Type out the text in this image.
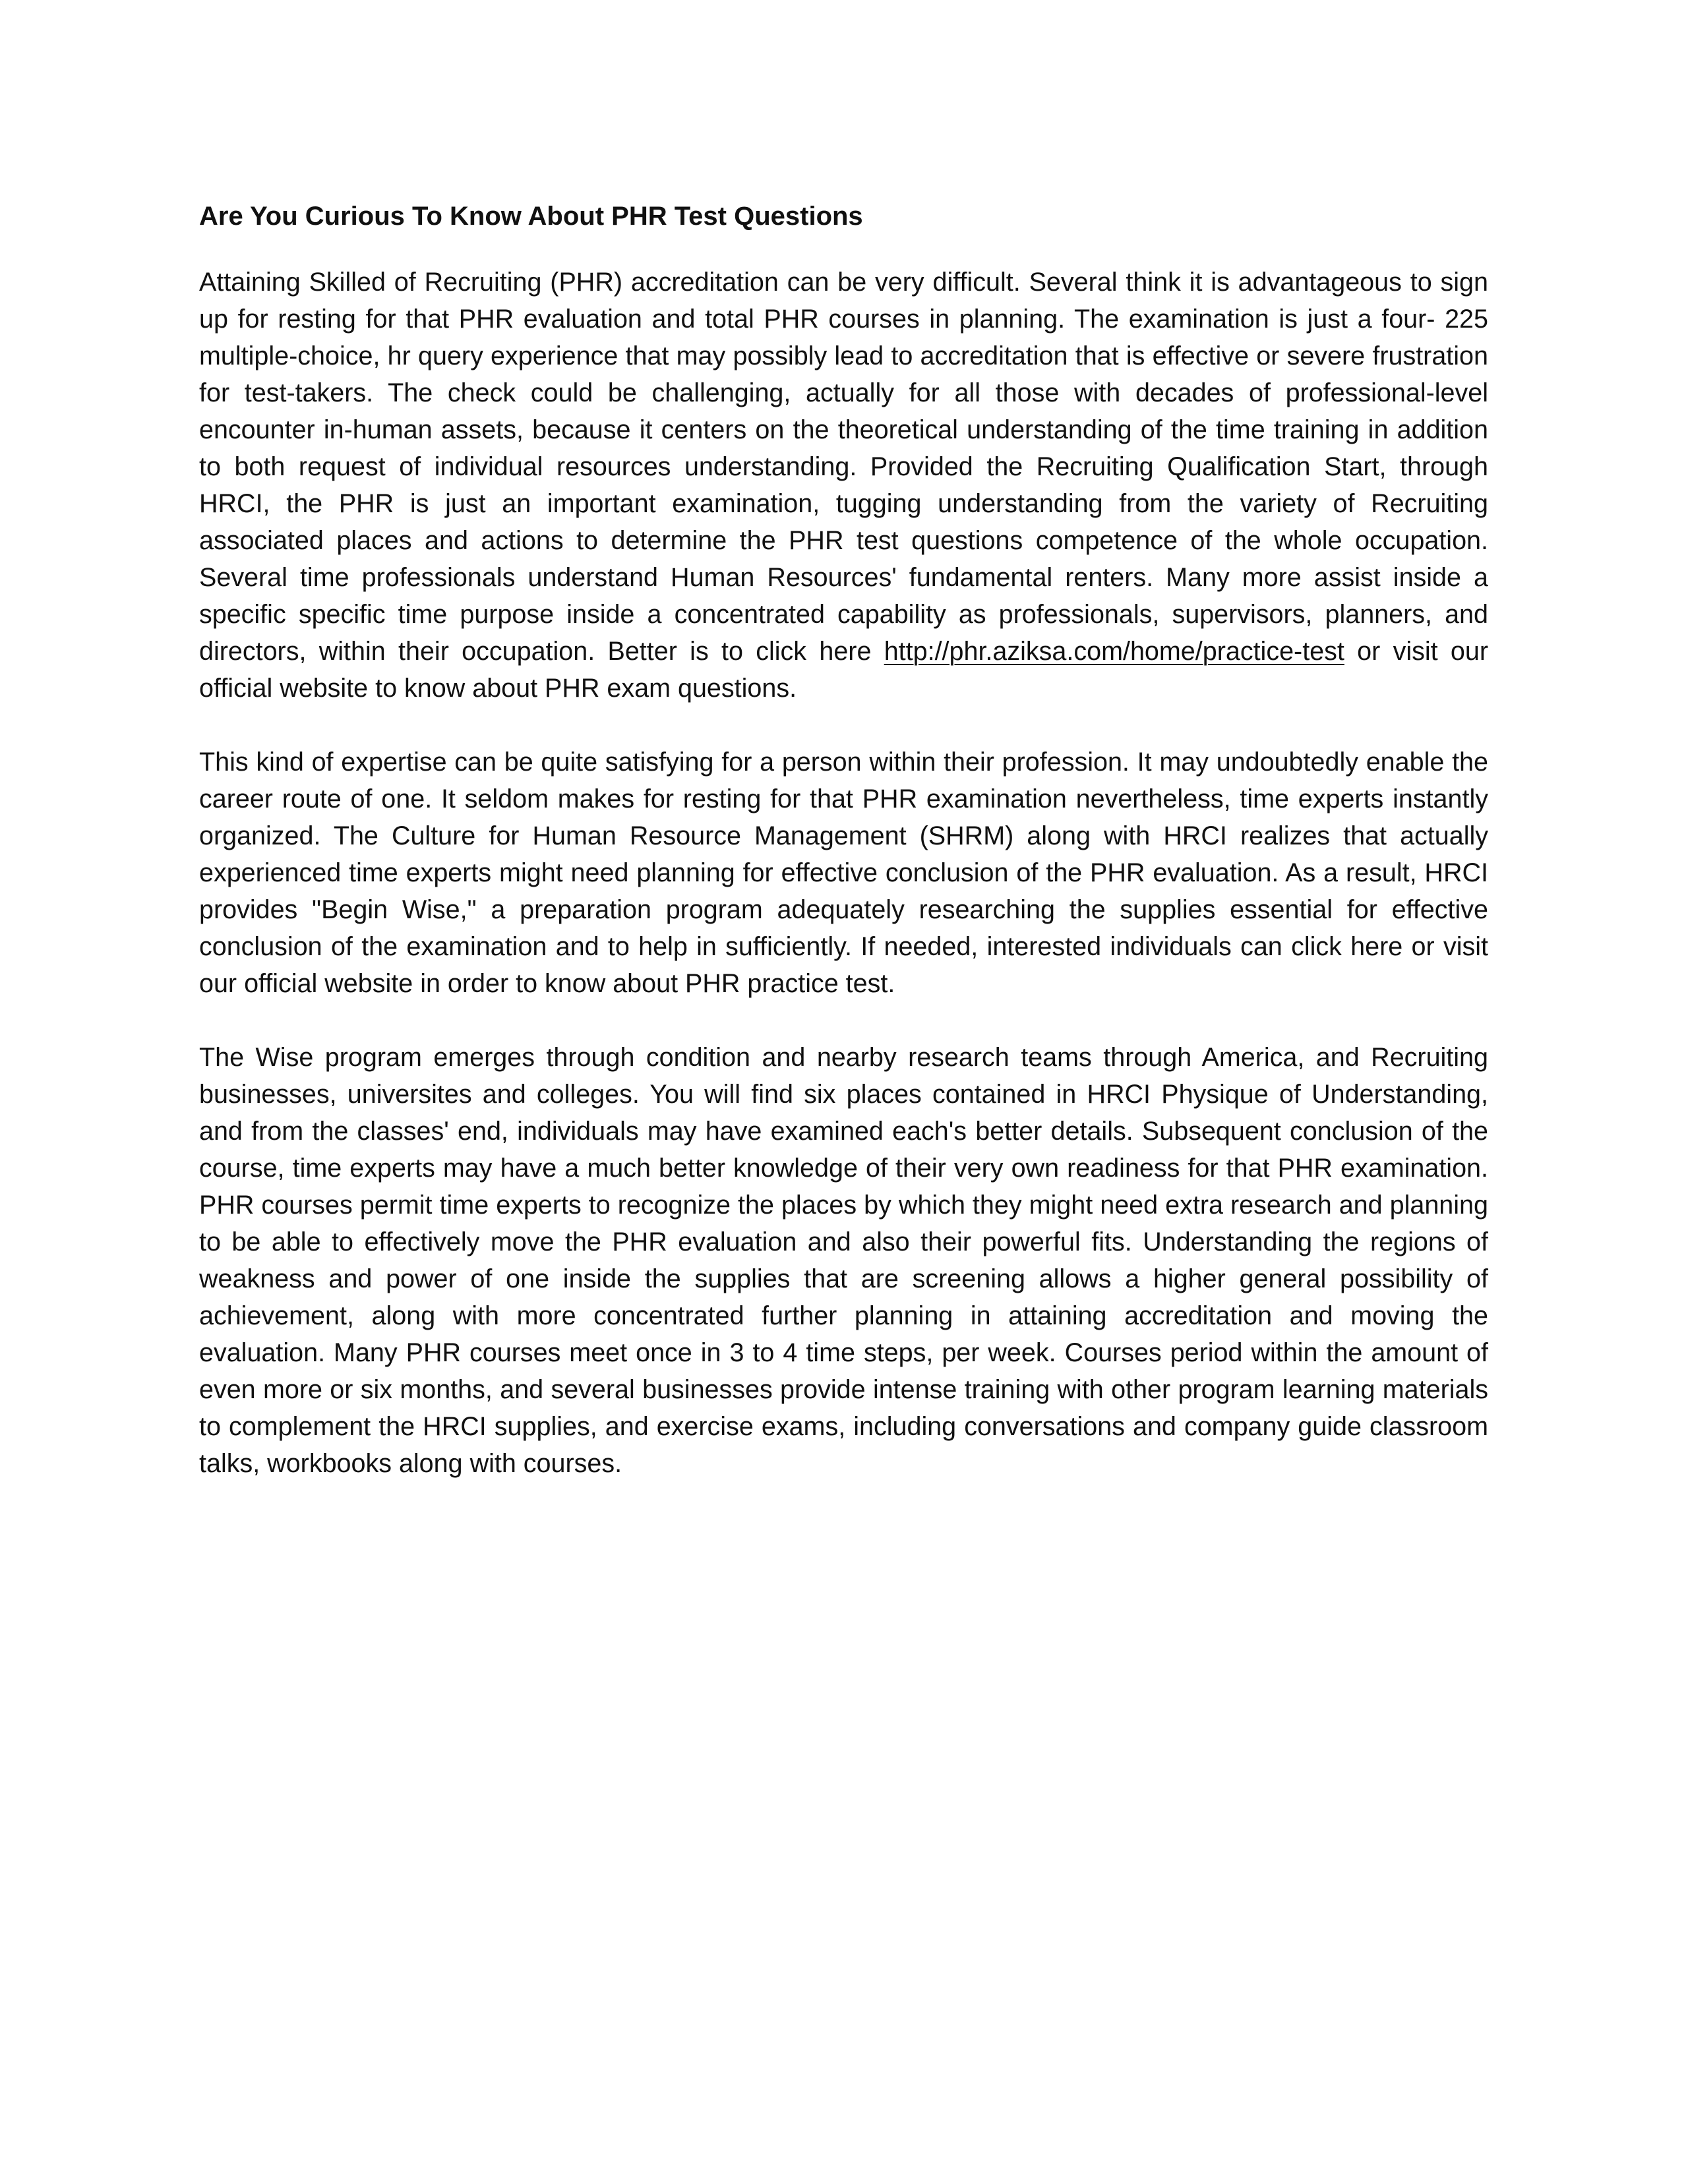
Are You Curious To Know About PHR Test Questions

Attaining Skilled of Recruiting (PHR) accreditation can be very difficult. Several think it is advantageous to sign up for resting for that PHR evaluation and total PHR courses in planning. The examination is just a four- 225 multiple-choice, hr query experience that may possibly lead to accreditation that is effective or severe frustration for test-takers. The check could be challenging, actually for all those with decades of professional-level encounter in-human assets, because it centers on the theoretical understanding of the time training in addition to both request of individual resources understanding. Provided the Recruiting Qualification Start, through HRCI, the PHR is just an important examination, tugging understanding from the variety of Recruiting associated places and actions to determine the PHR test questions competence of the whole occupation. Several time professionals understand Human Resources' fundamental renters. Many more assist inside a specific specific time purpose inside a concentrated capability as professionals, supervisors, planners, and directors, within their occupation. Better is to click here http://phr.aziksa.com/home/practice-test or visit our official website to know about PHR exam questions.

This kind of expertise can be quite satisfying for a person within their profession. It may undoubtedly enable the career route of one. It seldom makes for resting for that PHR examination nevertheless, time experts instantly organized. The Culture for Human Resource Management (SHRM) along with HRCI realizes that actually experienced time experts might need planning for effective conclusion of the PHR evaluation. As a result, HRCI provides "Begin Wise," a preparation program adequately researching the supplies essential for effective conclusion of the examination and to help in sufficiently. If needed, interested individuals can click here or visit our official website in order to know about PHR practice test.

The Wise program emerges through condition and nearby research teams through America, and Recruiting businesses, universites and colleges. You will find six places contained in HRCI Physique of Understanding, and from the classes' end, individuals may have examined each's better details. Subsequent conclusion of the course, time experts may have a much better knowledge of their very own readiness for that PHR examination. PHR courses permit time experts to recognize the places by which they might need extra research and planning to be able to effectively move the PHR evaluation and also their powerful fits. Understanding the regions of weakness and power of one inside the supplies that are screening allows a higher general possibility of achievement, along with more concentrated further planning in attaining accreditation and moving the evaluation. Many PHR courses meet once in 3 to 4 time steps, per week. Courses period within the amount of even more or six months, and several businesses provide intense training with other program learning materials to complement the HRCI supplies, and exercise exams, including conversations and company guide classroom talks, workbooks along with courses.
